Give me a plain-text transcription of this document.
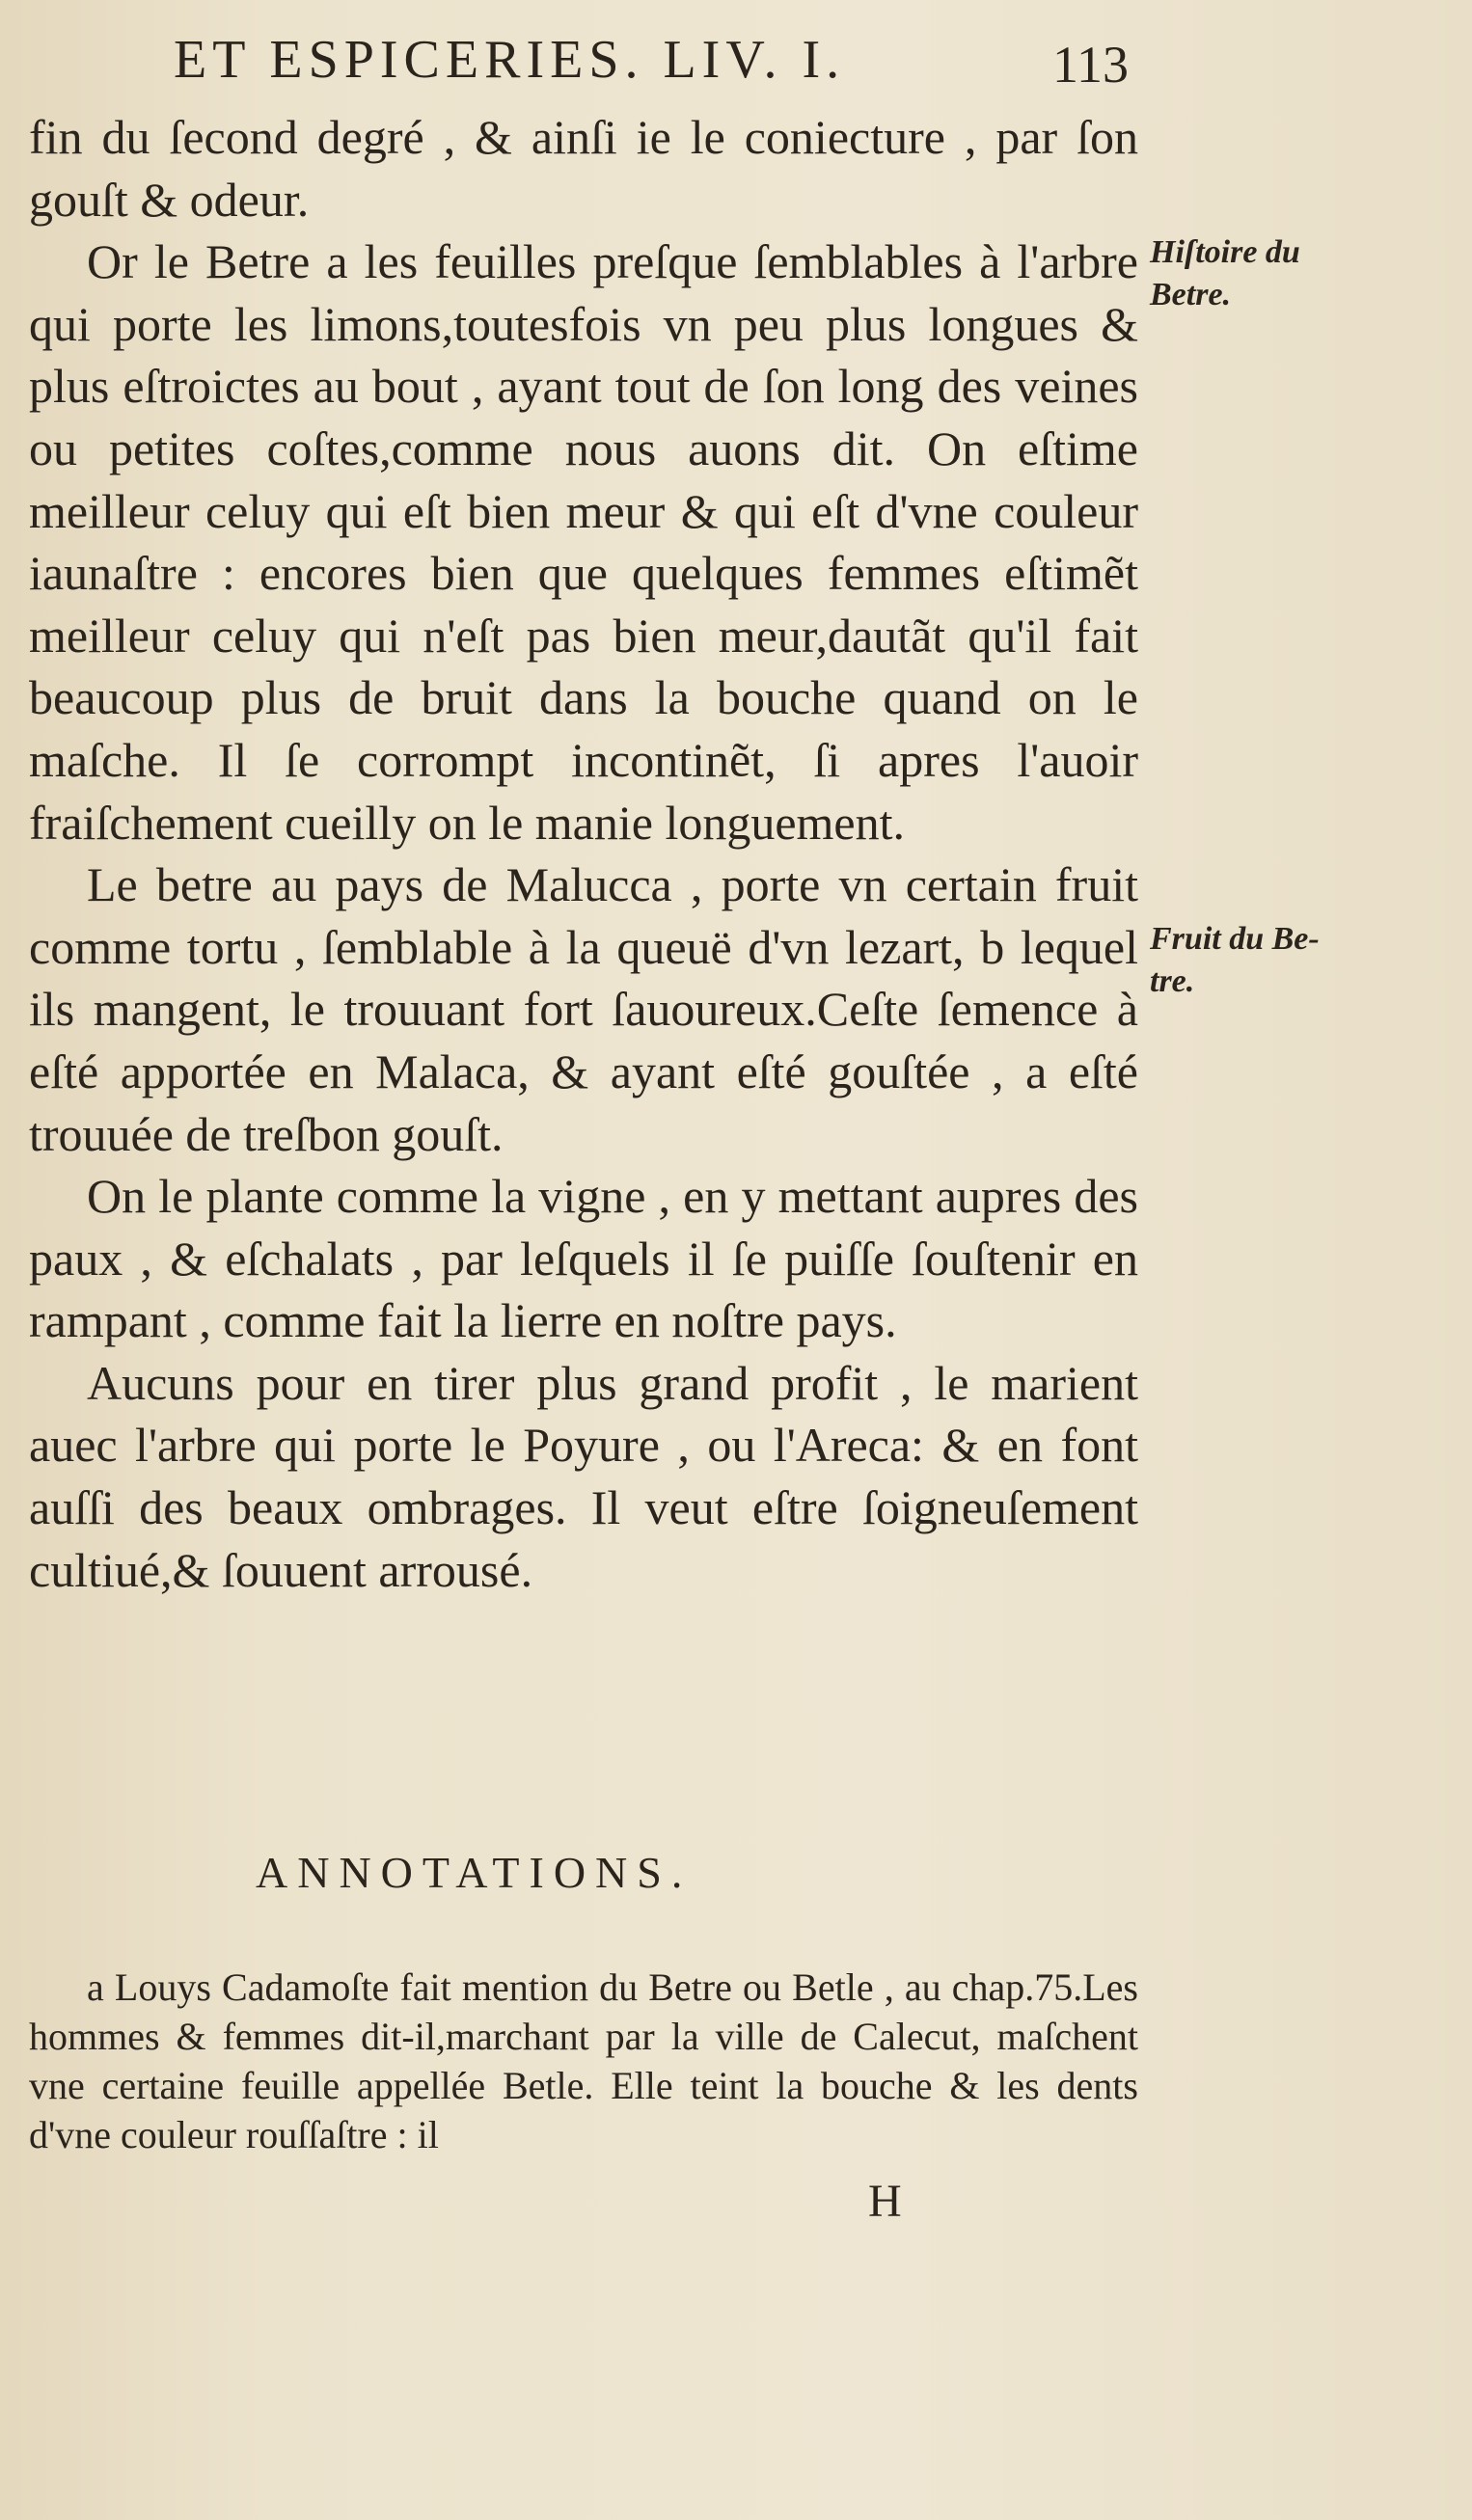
ET ESPICERIES. LIV. I.	113

fin du ſecond degré , & ainſi ie le coniecture , par ſon gouſt & odeur.

Or le Betre a les feuilles preſque ſemblables à l'arbre qui porte les limons,toutesfois vn peu plus longues & plus eſtroictes au bout , ayant tout de ſon long des veines ou petites coſtes,comme nous auons dit. On eſtime meilleur celuy qui eſt bien meur & qui eſt d'vne couleur iaunaſtre : encores bien que quelques femmes eſtimẽt meilleur celuy qui n'eſt pas bien meur,dautãt qu'il fait beaucoup plus de bruit dans la bouche quand on le maſche. Il ſe corrompt incontinẽt, ſi apres l'auoir fraiſchement cueilly on le manie longuement.

Le betre au pays de Malucca , porte vn certain fruit comme tortu , ſemblable à la queuë d'vn lezart, b lequel ils mangent, le trouuant fort ſauoureux.Ceſte ſemence à eſté apportée en Malaca, & ayant eſté gouſtée , a eſté trouuée de treſbon gouſt.

On le plante comme la vigne , en y mettant aupres des paux , & eſchalats , par leſquels il ſe puiſſe ſouſtenir en rampant , comme fait la lierre en noſtre pays.

Aucuns pour en tirer plus grand profit , le marient auec l'arbre qui porte le Poyure , ou l'Areca: & en font auſſi des beaux ombrages. Il veut eſtre ſoigneuſement cultiué,& ſouuent arrousé.

Hiſtoire du
Betre.
Fruit du Be-
tre.
ANNOTATIONS.

a Louys Cadamoſte fait mention du Betre ou Betle , au chap.75.Les hommes & femmes dit-il,marchant par la ville de Calecut, maſchent vne certaine feuille appellée Betle. Elle teint la bouche & les dents d'vne couleur rouſſaſtre : il

H
